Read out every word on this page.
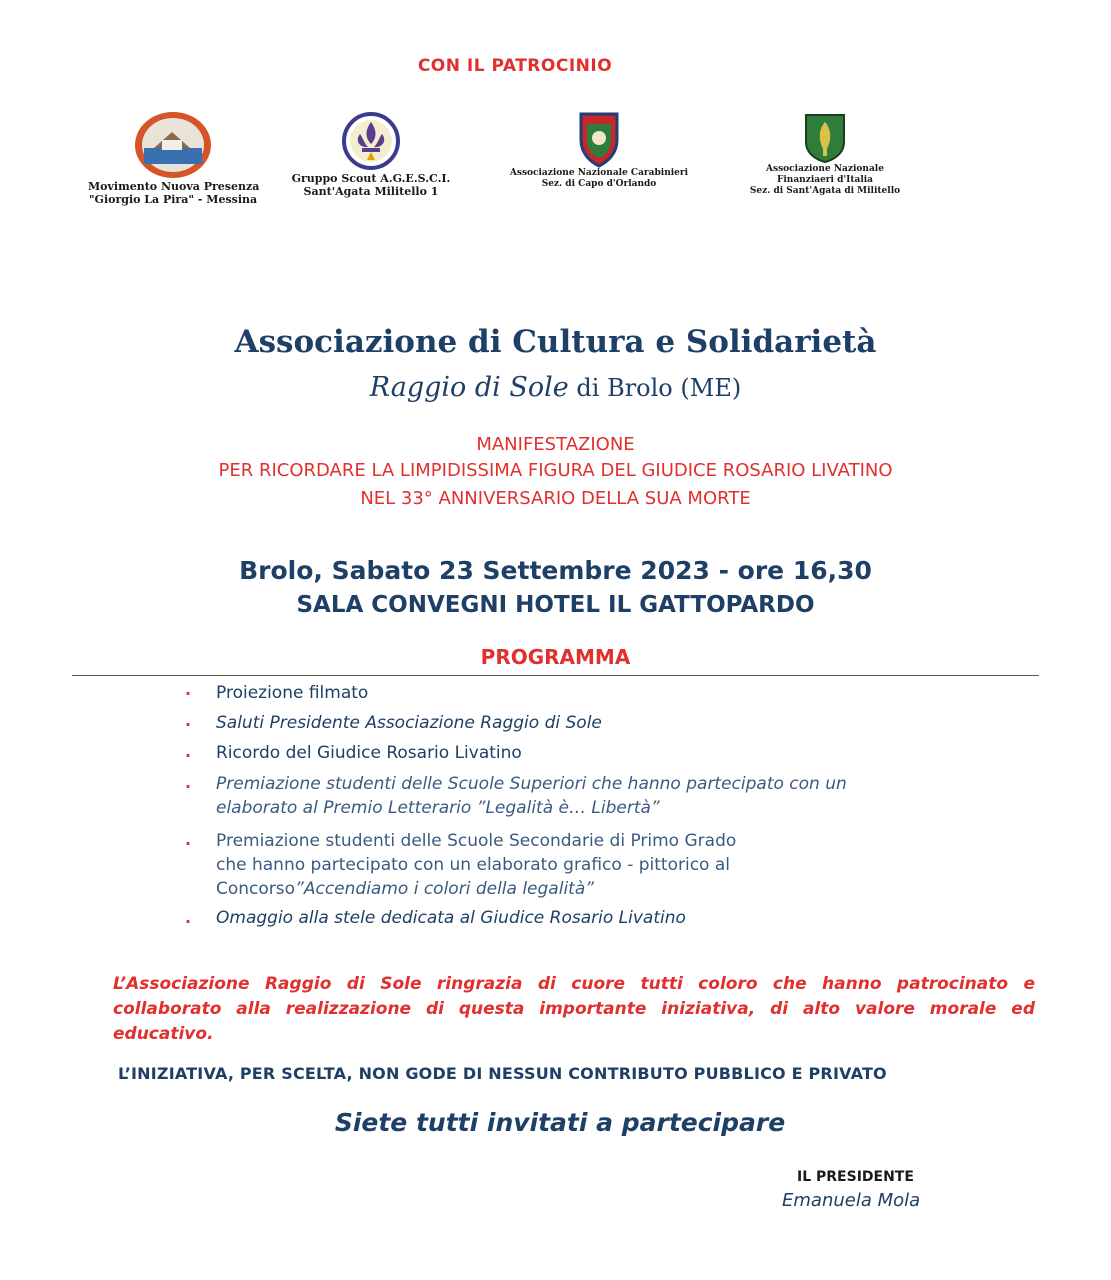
CON IL PATROCINIO
Movimento Nuova Presenza
"Giorgio La Pira" - Messina
Gruppo Scout A.G.E.S.C.I.
Sant'Agata Militello 1
Associazione Nazionale Carabinieri
Sez. di Capo d'Orlando
Associazione Nazionale
Finanziaeri d'Italia
Sez. di Sant'Agata di Militello
Associazione di Cultura e Solidarietà
Raggio di Sole di Brolo (ME)
MANIFESTAZIONE
PER RICORDARE LA LIMPIDISSIMA FIGURA DEL GIUDICE ROSARIO LIVATINO
NEL 33° ANNIVERSARIO DELLA SUA MORTE
Brolo, Sabato 23 Settembre 2023 - ore 16,30
SALA CONVEGNI HOTEL IL GATTOPARDO
PROGRAMMA
. Proiezione filmato
. Saluti Presidente Associazione Raggio di Sole
. Ricordo del Giudice Rosario Livatino
. Premiazione studenti delle Scuole Superiori che hanno partecipato con un
elaborato al Premio Letterario ”Legalità è… Libertà”
. Premiazione studenti delle Scuole Secondarie di Primo Grado
che hanno partecipato con un elaborato grafico - pittorico al
Concorso”Accendiamo i colori della legalità”
. Omaggio alla stele dedicata al Giudice Rosario Livatino
L’Associazione Raggio di Sole ringrazia di cuore tutti coloro che hanno patrocinato e collaborato alla realizzazione di questa importante iniziativa, di alto valore morale ed educativo.
L’INIZIATIVA, PER SCELTA, NON GODE DI NESSUN CONTRIBUTO PUBBLICO E PRIVATO
Siete tutti invitati a partecipare
IL PRESIDENTE
Emanuela Mola
